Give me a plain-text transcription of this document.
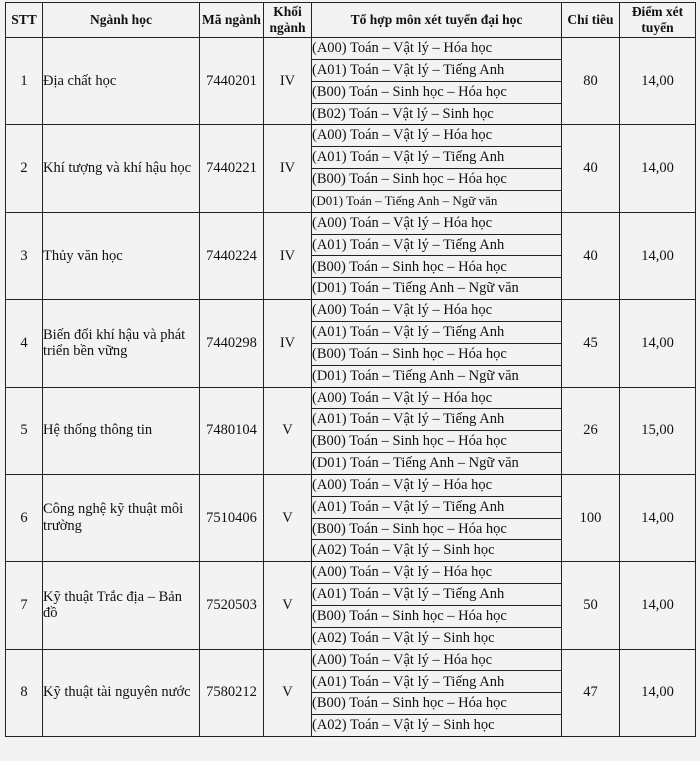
STT	Ngành học	Mã ngành	Khối ngành	Tổ hợp môn xét tuyển đại học	Chỉ tiêu	Điểm xét tuyển
1	Địa chất học	7440201	IV	(A00) Toán – Vật lý – Hóa học	80	14,00
				(A01) Toán – Vật lý – Tiếng Anh		
				(B00) Toán – Sinh học – Hóa học		
				(B02) Toán – Vật lý – Sinh học		
2	Khí tượng và khí hậu học	7440221	IV	(A00) Toán – Vật lý – Hóa học	40	14,00
				(A01) Toán – Vật lý – Tiếng Anh		
				(B00) Toán – Sinh học – Hóa học		
				(D01) Toán – Tiếng Anh – Ngữ văn		
3	Thủy văn học	7440224	IV	(A00) Toán – Vật lý – Hóa học	40	14,00
				(A01) Toán – Vật lý – Tiếng Anh		
				(B00) Toán – Sinh học – Hóa học		
				(D01) Toán – Tiếng Anh – Ngữ văn		
4	Biến đổi khí hậu và phát triển bền vững	7440298	IV	(A00) Toán – Vật lý – Hóa học	45	14,00
				(A01) Toán – Vật lý – Tiếng Anh		
				(B00) Toán – Sinh học – Hóa học		
				(D01) Toán – Tiếng Anh – Ngữ văn		
5	Hệ thống thông tin	7480104	V	(A00) Toán – Vật lý – Hóa học	26	15,00
				(A01) Toán – Vật lý – Tiếng Anh		
				(B00) Toán – Sinh học – Hóa học		
				(D01) Toán – Tiếng Anh – Ngữ văn		
6	Công nghệ kỹ thuật môi trường	7510406	V	(A00) Toán – Vật lý – Hóa học	100	14,00
				(A01) Toán – Vật lý – Tiếng Anh		
				(B00) Toán – Sinh học – Hóa học		
				(A02) Toán – Vật lý – Sinh học		
7	Kỹ thuật Trắc địa – Bản đồ	7520503	V	(A00) Toán – Vật lý – Hóa học	50	14,00
				(A01) Toán – Vật lý – Tiếng Anh		
				(B00) Toán – Sinh học – Hóa học		
				(A02) Toán – Vật lý – Sinh học		
8	Kỹ thuật tài nguyên nước	7580212	V	(A00) Toán – Vật lý – Hóa học	47	14,00
				(A01) Toán – Vật lý – Tiếng Anh		
				(B00) Toán – Sinh học – Hóa học		
				(A02) Toán – Vật lý – Sinh học		
